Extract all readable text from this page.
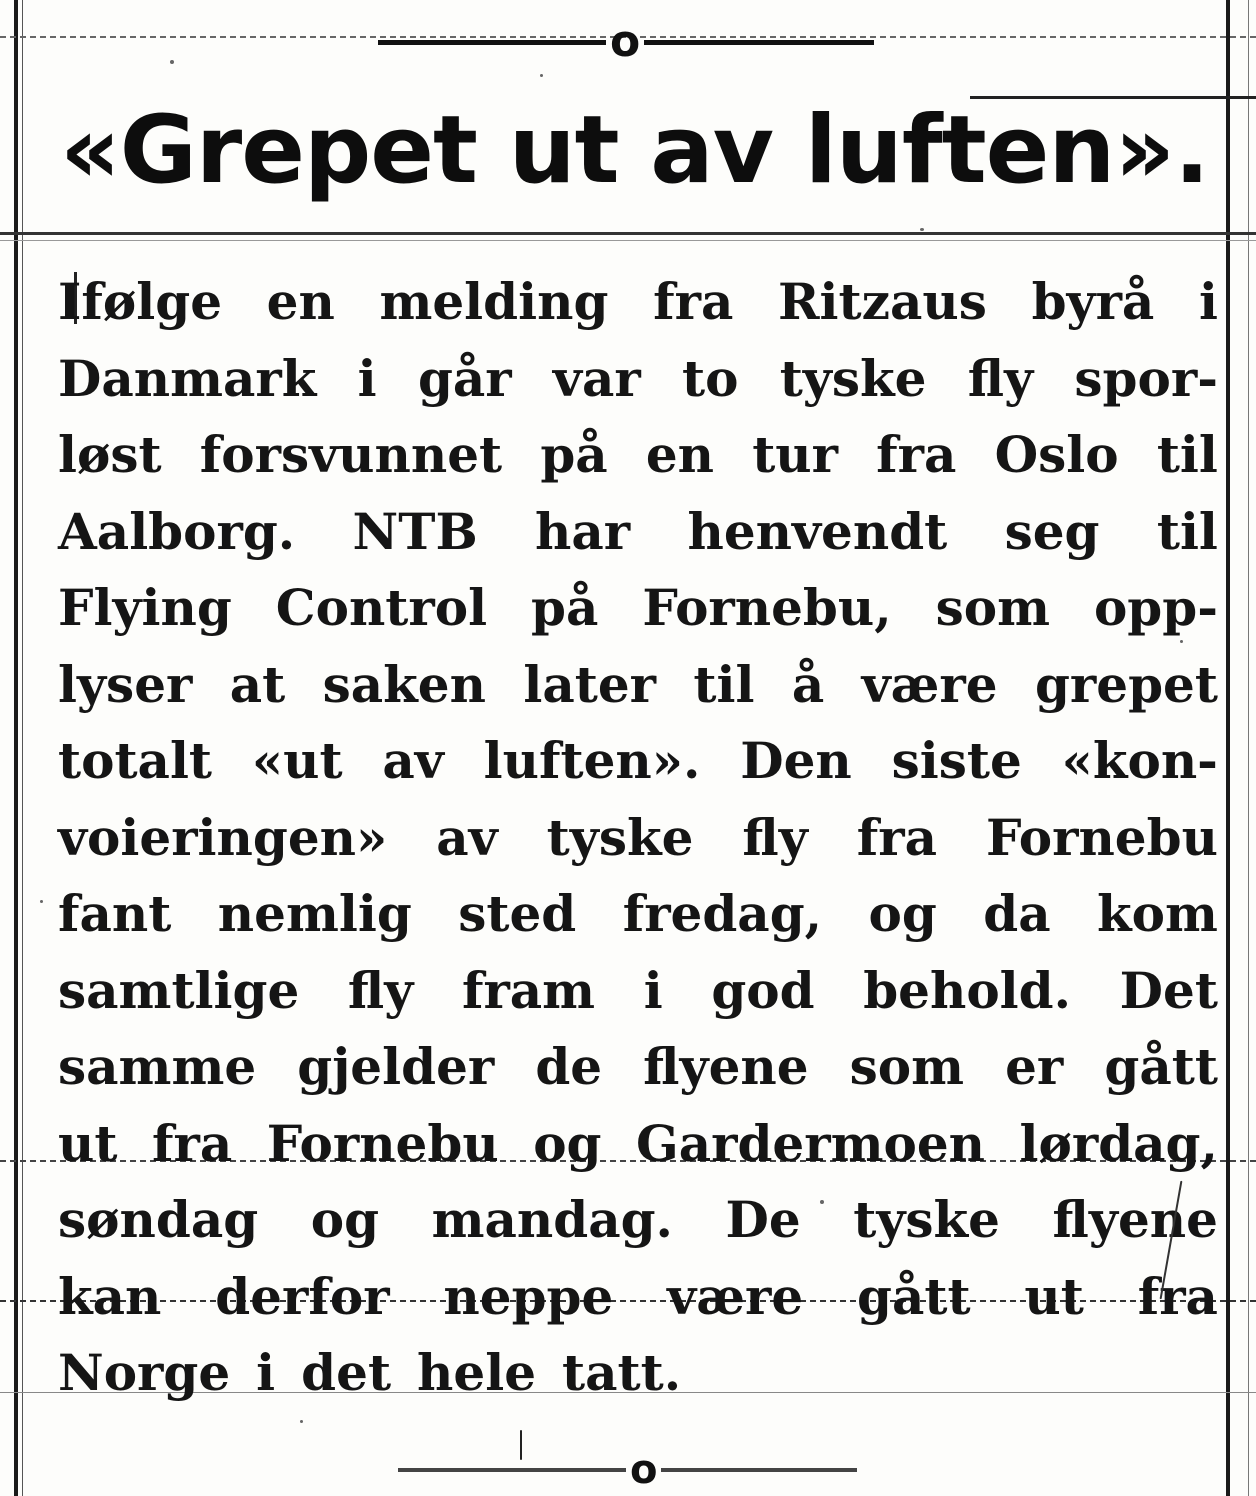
o
«Grepet ut av luften».
Ifølge en melding fra Ritzaus byrå i
Danmark i går var to tyske fly spor-
løst forsvunnet på en tur fra Oslo til
Aalborg. NTB har henvendt seg til
Flying Control på Fornebu, som opp-
lyser at saken later til å være grepet
totalt «ut av luften». Den siste «kon-
voieringen» av tyske fly fra Fornebu
fant nemlig sted fredag, og da kom
samtlige fly fram i god behold. Det
samme gjelder de flyene som er gått
ut fra Fornebu og Gardermoen lørdag,
søndag og mandag. De tyske flyene
kan derfor neppe være gått ut fra
Norge i det hele tatt.
o
